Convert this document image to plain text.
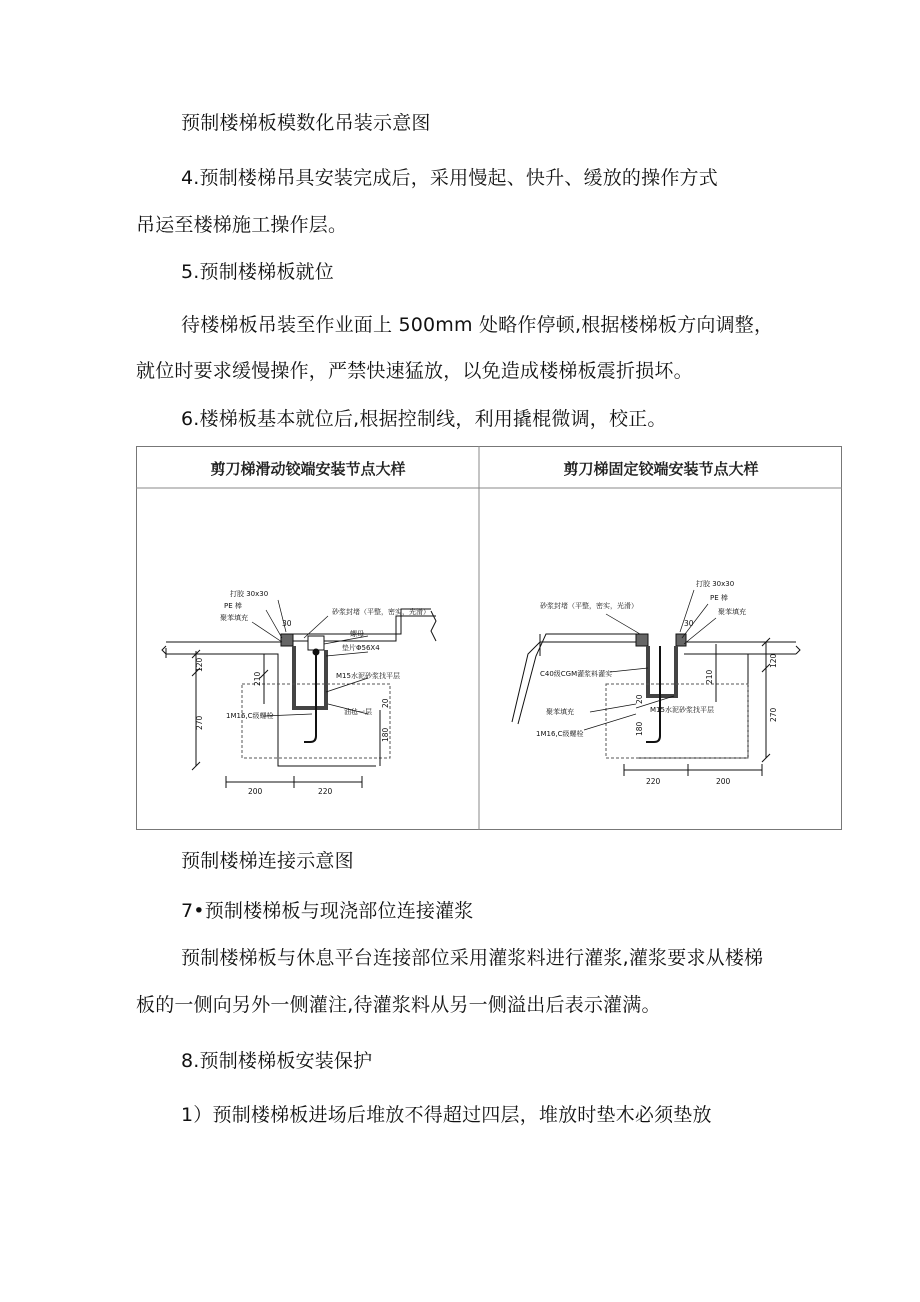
预制楼梯板模数化吊装示意图
4.预制楼梯吊具安装完成后，采用慢起、快升、缓放的操作方式
吊运至楼梯施工操作层。
5.预制楼梯板就位
待楼梯板吊装至作业面上 500mm 处略作停顿,根据楼梯板方向调整，
就位时要求缓慢操作，严禁快速猛放，以免造成楼梯板震折损坏。
6.楼梯板基本就位后,根据控制线，利用撬棍微调，校正。
剪刀梯滑动铰端安装节点大样	剪刀梯固定铰端安装节点大样
打胶 30x30
PE 棒
聚苯填充
砂浆封堵（平整，密实，光滑）
螺母
垫片Φ56X4
M15水泥砂浆找平层
1M16,C级螺栓	油毡一层
30
120
210
270
20
180
200	220
打胶 30x30
砂浆封堵（平整，密实，光滑）
PE 棒
聚苯填充
C40级CGM灌浆料灌实
M15水泥砂浆找平层
聚苯填充
1M16,C级螺栓
30
120
210
270
20
180
220	200
预制楼梯连接示意图
7•预制楼梯板与现浇部位连接灌浆
预制楼梯板与休息平台连接部位采用灌浆料进行灌浆,灌浆要求从楼梯
板的一侧向另外一侧灌注,待灌浆料从另一侧溢出后表示灌满。
8.预制楼梯板安装保护
1）预制楼梯板进场后堆放不得超过四层，堆放时垫木必须垫放
